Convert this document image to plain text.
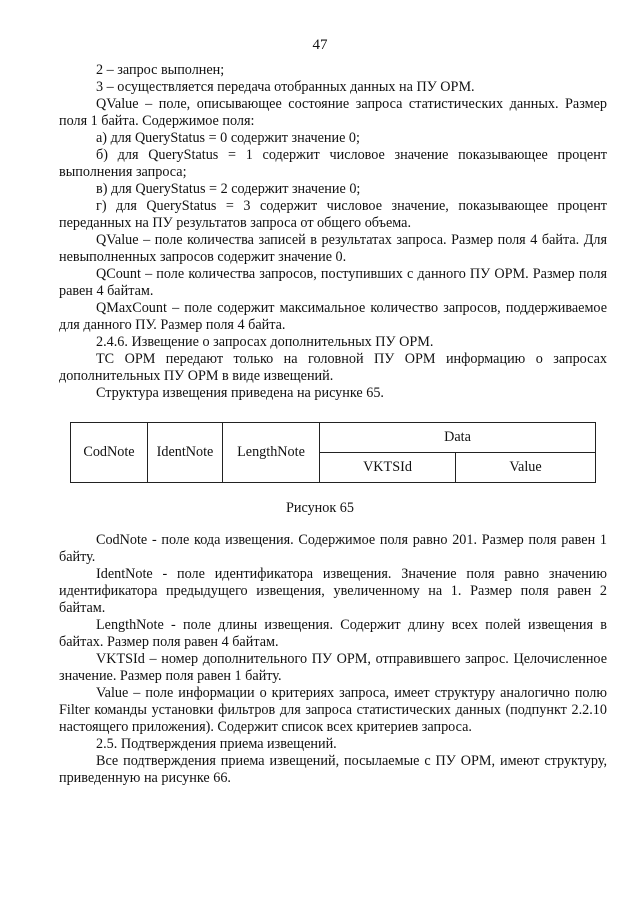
47

2 – запрос выполнен;

3 – осуществляется передача отобранных данных на ПУ ОРМ.

QValue – поле, описывающее состояние запроса статистических данных. Размер поля 1 байта. Содержимое поля:

а) для QueryStatus = 0 содержит значение 0;

б) для QueryStatus = 1 содержит числовое значение показывающее процент выполнения запроса;

в) для QueryStatus = 2 содержит значение 0;

г) для QueryStatus = 3 содержит числовое значение, показывающее процент переданных на ПУ результатов запроса от общего объема.

QValue – поле количества записей в результатах запроса. Размер поля 4 байта. Для невыполненных запросов содержит значение 0.

QCount – поле количества запросов, поступивших с данного ПУ ОРМ. Размер поля равен 4 байтам.

QMaxCount – поле содержит максимальное количество запросов, поддерживаемое для данного ПУ. Размер поля 4 байта.

2.4.6. Извещение о запросах дополнительных ПУ ОРМ.

ТС ОРМ передают только на головной ПУ ОРМ информацию о запросах дополнительных ПУ ОРМ в виде извещений.

Структура извещения приведена на рисунке 65.

CodNote	IdentNote	LengthNote	Data	
			VKTSId	Value
Рисунок 65

CodNote - поле кода извещения. Содержимое поля равно 201. Размер поля равен 1 байту.

IdentNote - поле идентификатора извещения. Значение поля равно значению идентификатора предыдущего извещения, увеличенному на 1. Размер поля равен 2 байтам.

LengthNote - поле длины извещения. Содержит длину всех полей извещения в байтах. Размер поля равен 4 байтам.

VKTSId – номер дополнительного ПУ ОРМ, отправившего запрос. Целочисленное значение. Размер поля равен 1 байту.

Value – поле информации о критериях запроса, имеет структуру аналогично полю Filter команды установки фильтров для запроса статистических данных (подпункт 2.2.10 настоящего приложения). Содержит список всех критериев запроса.

2.5. Подтверждения приема извещений.

Все подтверждения приема извещений, посылаемые с ПУ ОРМ, имеют структуру, приведенную на рисунке 66.
